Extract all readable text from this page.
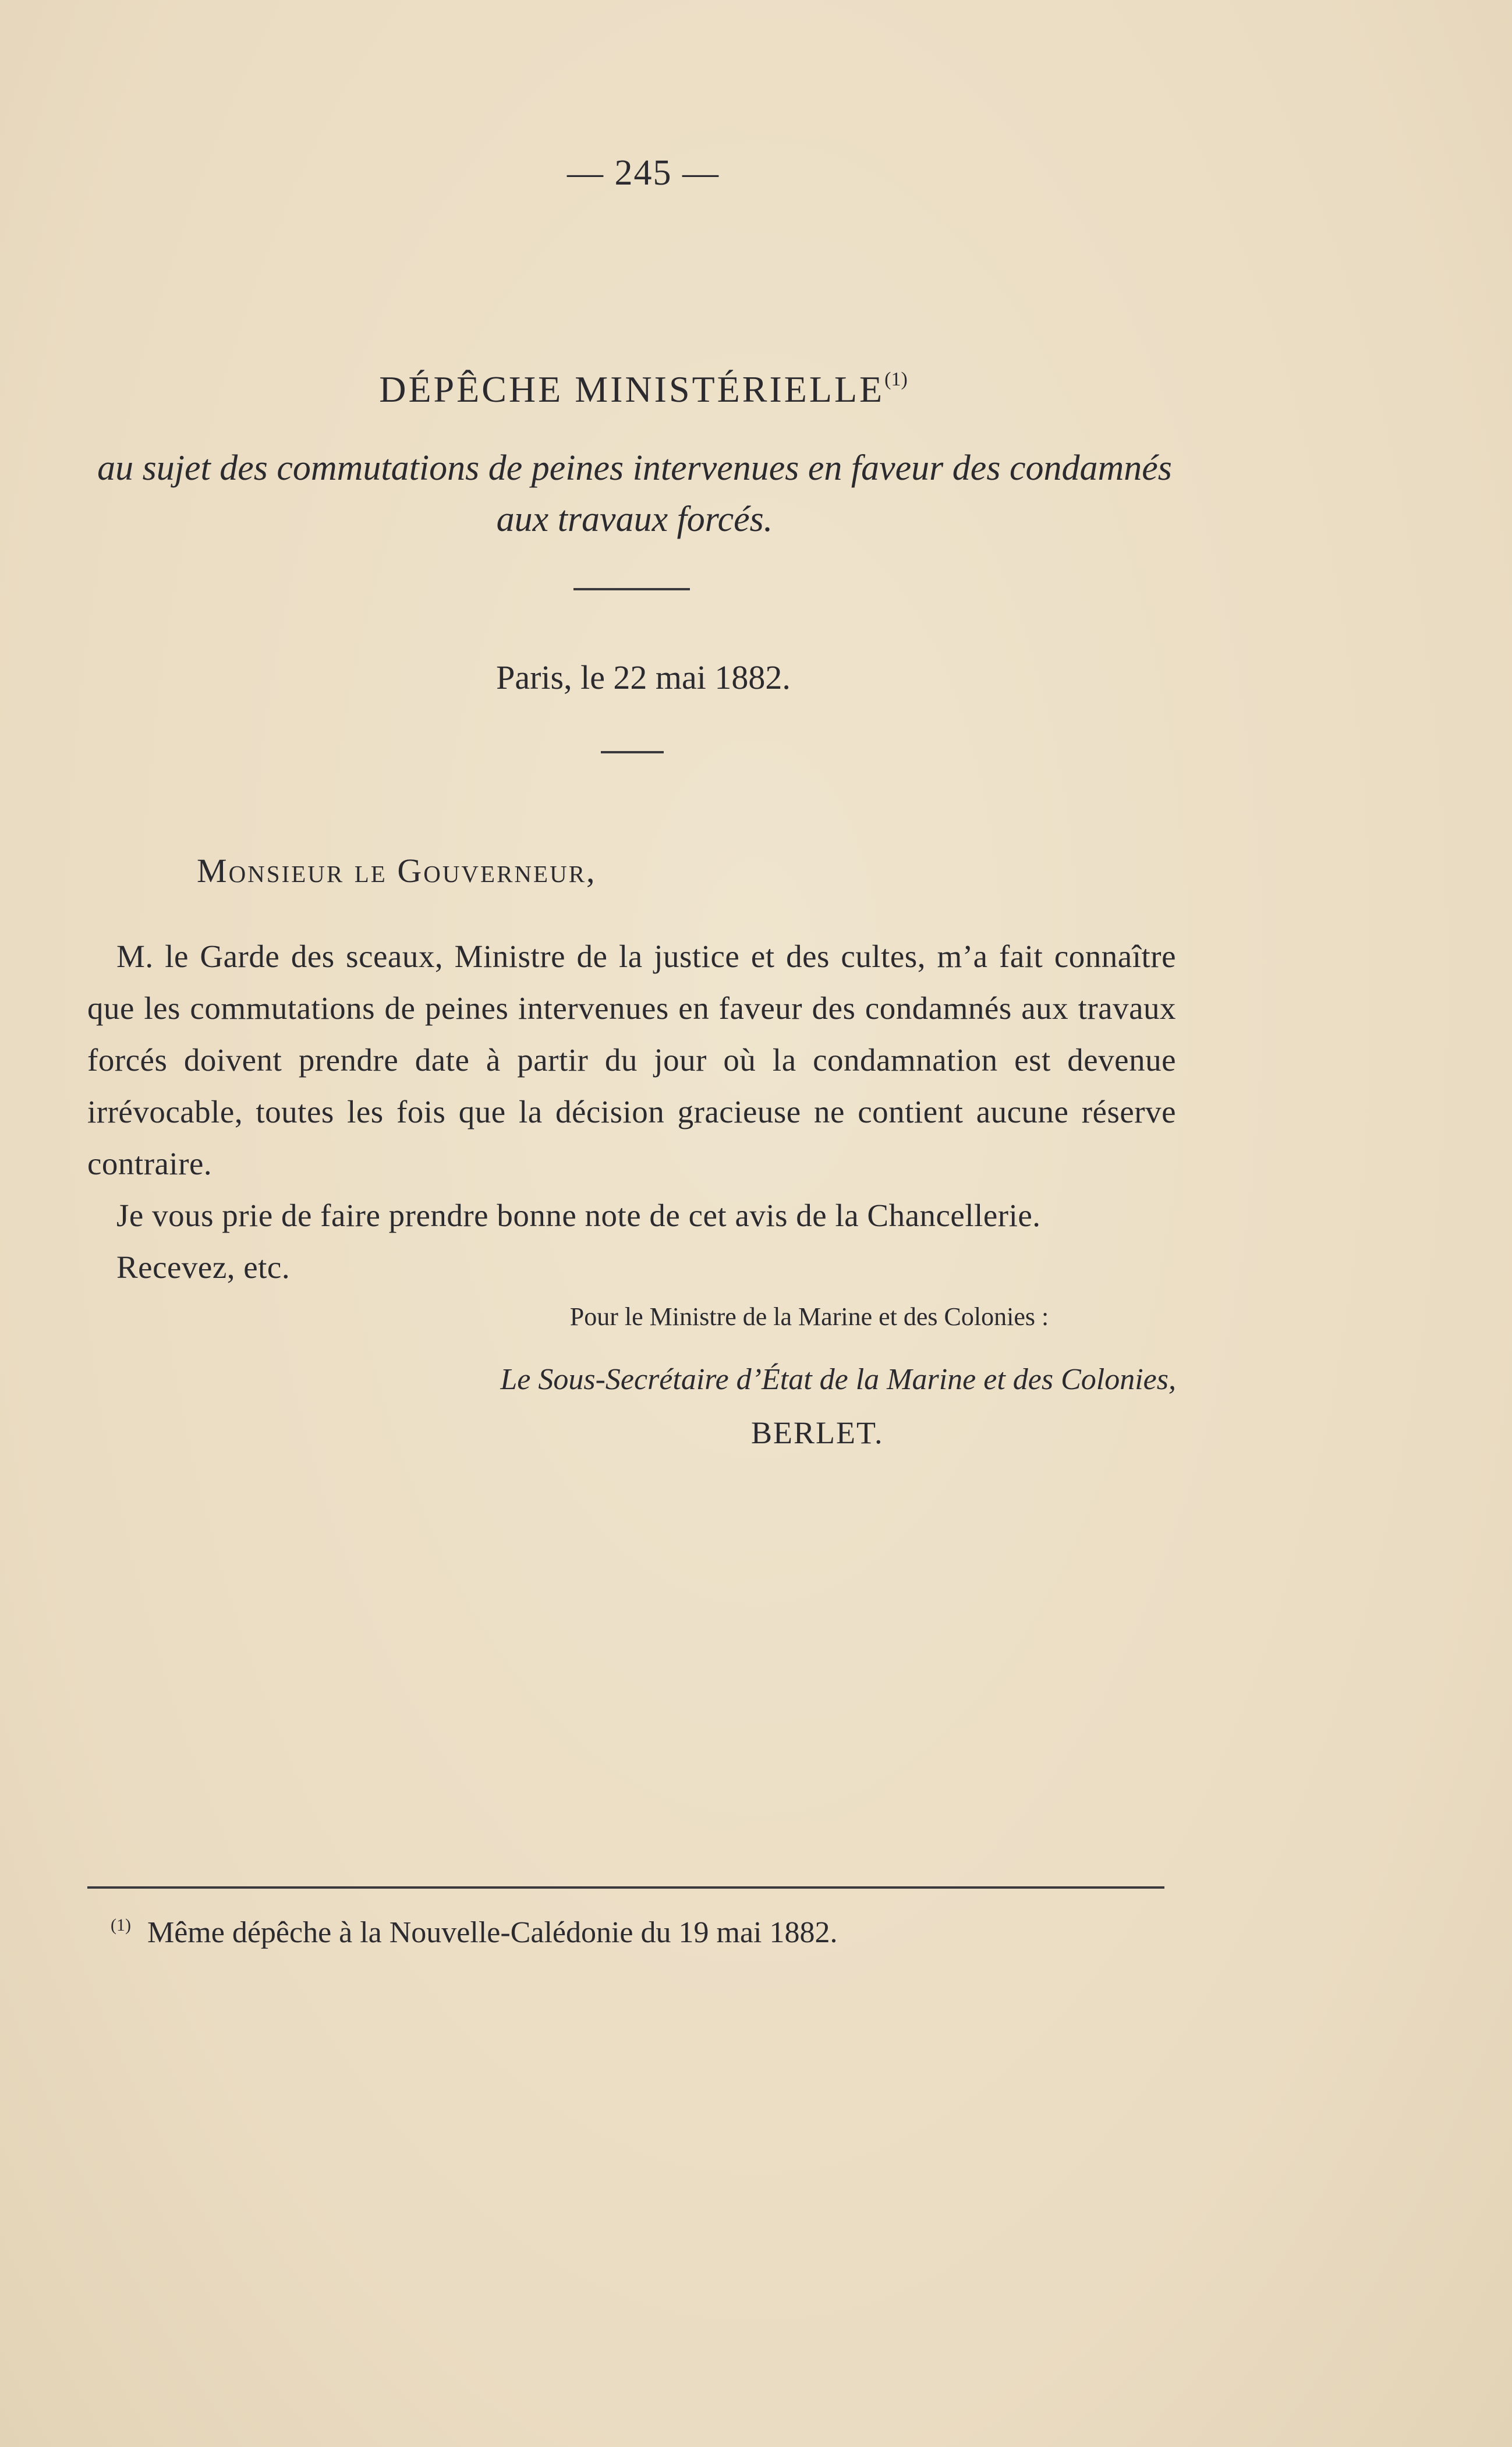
— 245 —
DÉPÊCHE MINISTÉRIELLE$^{(1)}$
au sujet des commutations de peines intervenues en faveur des condamnés aux travaux forcés.
Paris, le 22 mai 1882.
Monsieur le Gouverneur,

M. le Garde des sceaux, Ministre de la justice et des cultes, m’a fait connaître que les commutations de peines intervenues en faveur des condamnés aux travaux forcés doivent prendre date à partir du jour où la condamnation est devenue irrévocable, toutes les fois que la décision gracieuse ne contient aucune réserve contraire.

Je vous prie de faire prendre bonne note de cet avis de la Chancellerie.

Recevez, etc.

Pour le Ministre de la Marine et des Colonies :
Le Sous-Secrétaire d’État de la Marine et des Colonies,
BERLET.
$^{(1)}$ Même dépêche à la Nouvelle-Calédonie du 19 mai 1882.
